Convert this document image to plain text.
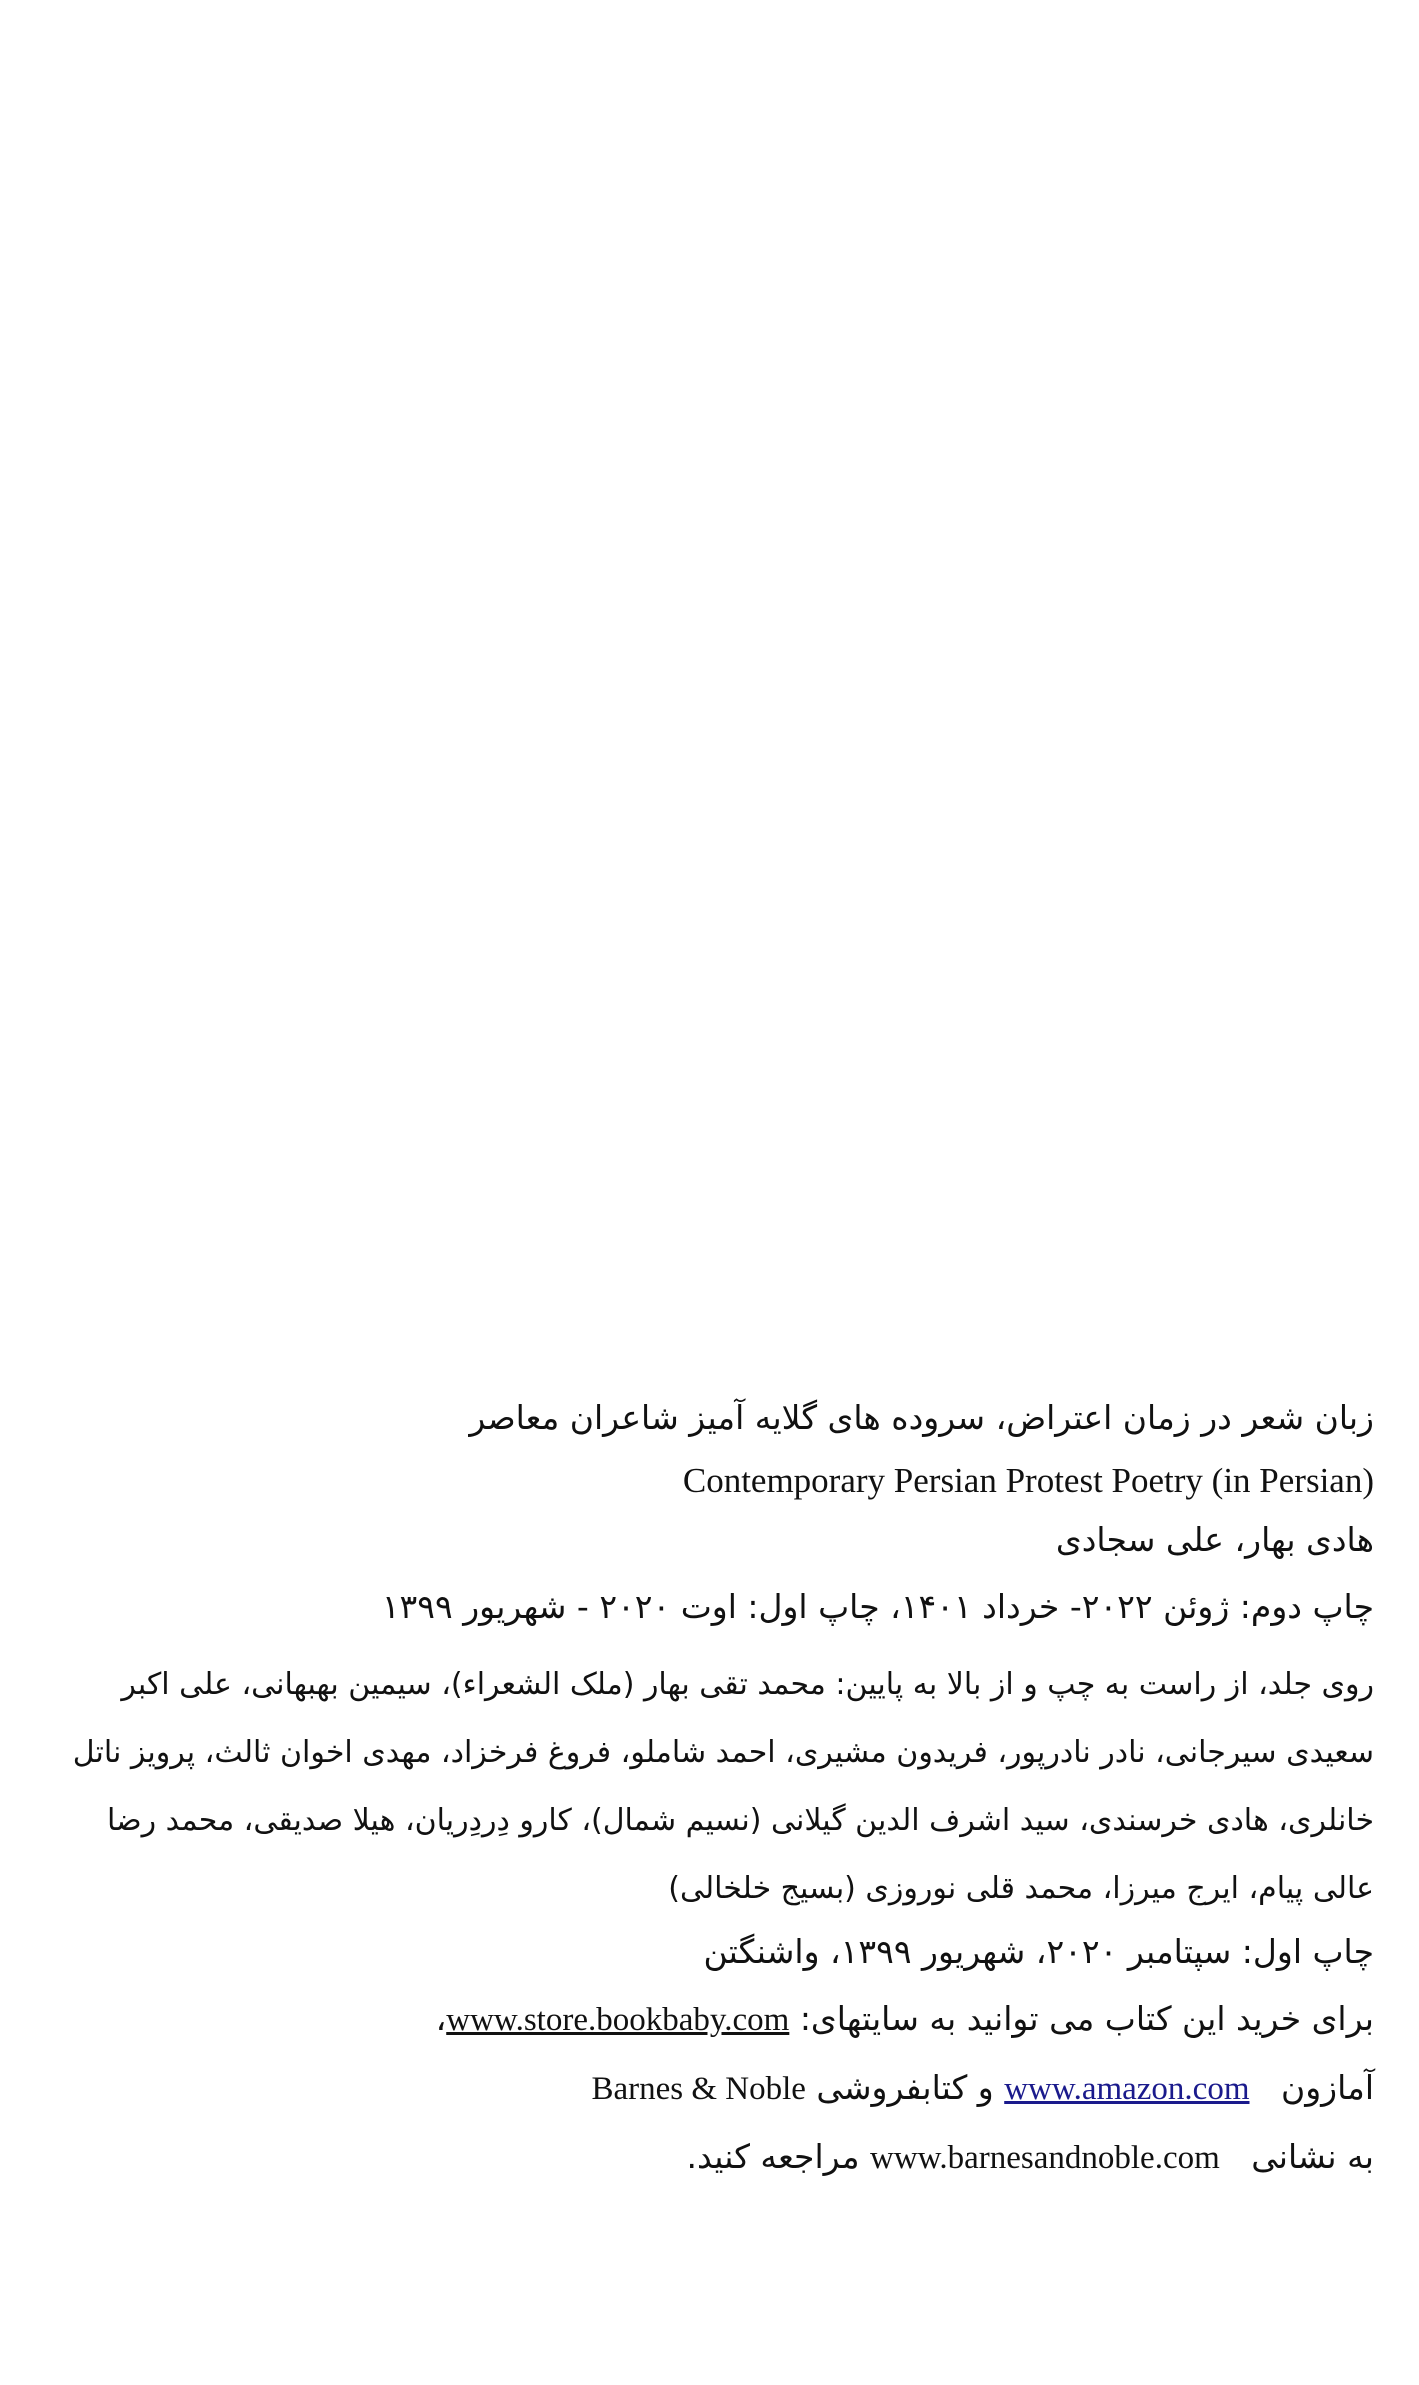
زبان شعر در زمان اعتراض، سروده های گلایه آمیز شاعران معاصر

Contemporary Persian Protest Poetry (in Persian)

هادی بهار، علی سجادی

چاپ دوم: ژوئن ۲۰۲۲- خرداد ۱۴۰۱، چاپ اول: اوت ۲۰۲۰ - شهریور ۱۳۹۹

روی جلد، از راست به چپ و از بالا به پایین: محمد تقی بهار (ملک الشعراء)، سیمین بهبهانی، علی اکبر
سعیدی سیرجانی، نادر نادرپور، فریدون مشیری، احمد شاملو، فروغ فرخزاد، مهدی اخوان ثالث، پرویز ناتل
خانلری، هادی خرسندی، سید اشرف الدین گیلانی (نسیم شمال)، کارو دِردِریان، هیلا صدیقی، محمد رضا
عالی پیام، ایرج میرزا، محمد قلی نوروزی (بسیج خلخالی)

چاپ اول: سپتامبر ۲۰۲۰، شهریور ۱۳۹۹، واشنگتن

برای خرید این کتاب می توانید به سایتهای: www.store.bookbaby.com،

آمازون   www.amazon.com و کتابفروشی Barnes & Noble

به نشانی   www.barnesandnoble.com مراجعه کنید.
